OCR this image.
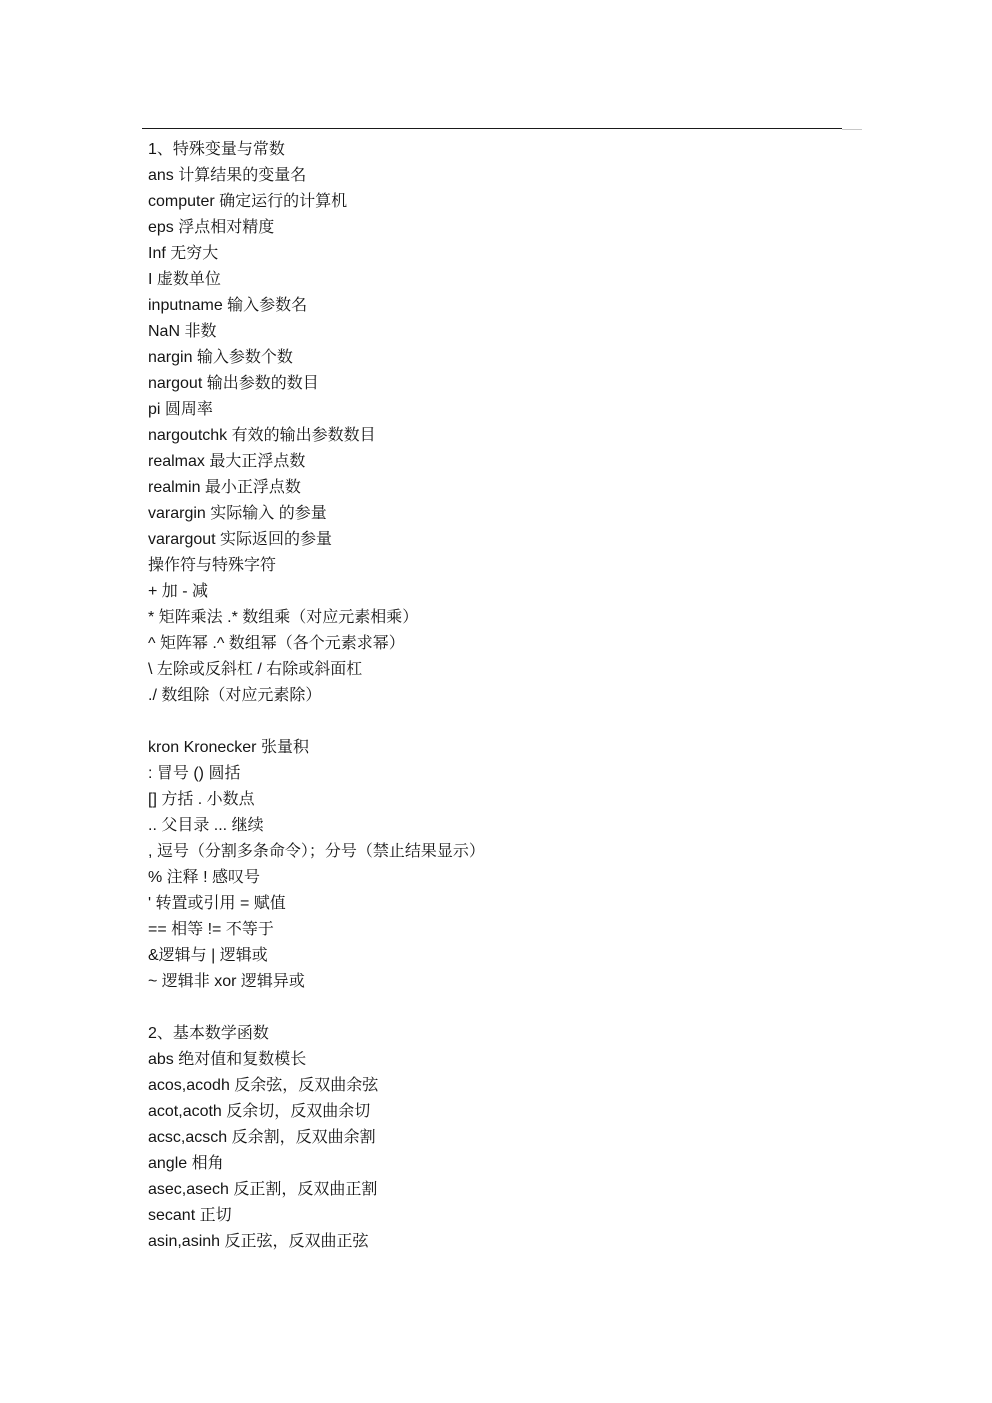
1、特殊变量与常数
ans 计算结果的变量名
computer 确定运行的计算机
eps 浮点相对精度
Inf 无穷大
I 虚数单位
inputname 输入参数名
NaN 非数
nargin 输入参数个数
nargout 输出参数的数目
pi 圆周率
nargoutchk 有效的输出参数数目
realmax 最大正浮点数
realmin 最小正浮点数
varargin 实际输入 的参量
varargout 实际返回的参量
操作符与特殊字符
+ 加 - 减
* 矩阵乘法 .* 数组乘（对应元素相乘）
^ 矩阵幂 .^ 数组幂（各个元素求幂）
\ 左除或反斜杠 / 右除或斜面杠
./ 数组除（对应元素除）
kron Kronecker 张量积
: 冒号 () 圆括
[] 方括 . 小数点
.. 父目录 ... 继续
, 逗号（分割多条命令）；分号（禁止结果显示）
% 注释 ! 感叹号
' 转置或引用 = 赋值
== 相等 != 不等于
&逻辑与 | 逻辑或
~ 逻辑非 xor 逻辑异或
2、基本数学函数
abs 绝对值和复数模长
acos,acodh 反余弦，反双曲余弦
acot,acoth 反余切，反双曲余切
acsc,acsch 反余割，反双曲余割
angle 相角
asec,asech 反正割，反双曲正割
secant 正切
asin,asinh 反正弦，反双曲正弦
